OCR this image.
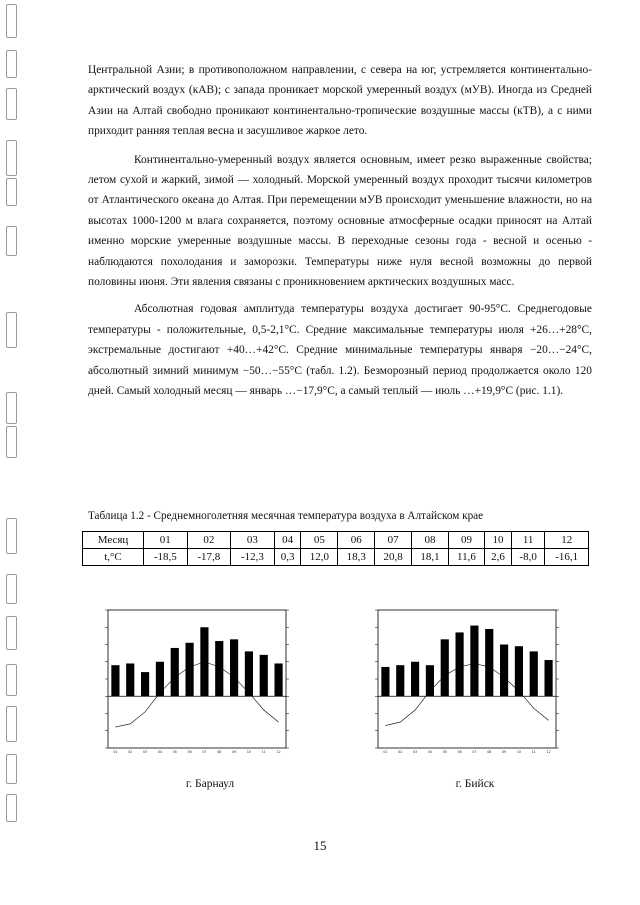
Центральной Азии; в противоположном направлении, с севера на юг, устремляется континентально-арктический воздух (кАВ); с запада проникает морской умеренный воздух (мУВ). Иногда из Средней Азии на Алтай свободно проникают континентально-тропические воздушные массы (кТВ), а с ними приходит ранняя теплая весна и засушливое жаркое лето.

Континентально-умеренный воздух является основным, имеет резко выраженные свойства; летом сухой и жаркий, зимой — холодный. Морской умеренный воздух проходит тысячи километров от Атлантического океана до Алтая. При перемещении мУВ происходит уменьшение влажности, но на высотах 1000-1200 м влага сохраняется, поэтому основные атмосферные осадки приносят на Алтай именно морские умеренные воздушные массы. В переходные сезоны года - весной и осенью - наблюдаются похолодания и заморозки. Температуры ниже нуля весной возможны до первой половины июня. Эти явления связаны с проникновением арктических воздушных масс.

Абсолютная годовая амплитуда температуры воздуха достигает 90-95°С. Среднегодовые температуры - положительные, 0,5-2,1°С. Средние максимальные температуры июля +26…+28°С, экстремальные достигают +40…+42°С. Средние минимальные температуры января −20…−24°С, абсолютный зимний минимум −50…−55°С (табл. 1.2). Безморозный период продолжается около 120 дней. Самый холодный месяц — январь …−17,9°С, а самый теплый — июль …+19,9°С (рис. 1.1).

Таблица 1.2 - Среднемноголетняя месячная температура воздуха в Алтайском крае
Месяц	01	02	03	04	05	06	07	08	09	10	11	12
t,°С	-18,5	-17,8	-12,3	0,3	12,0	18,3	20,8	18,1	11,6	2,6	-8,0	-16,1
01	02	03	04	05	06	07	08	09	10	11	12	01	02	03	04	05	06	07	08	09	10	11	12
г. Барнаул	г. Бийск
15
